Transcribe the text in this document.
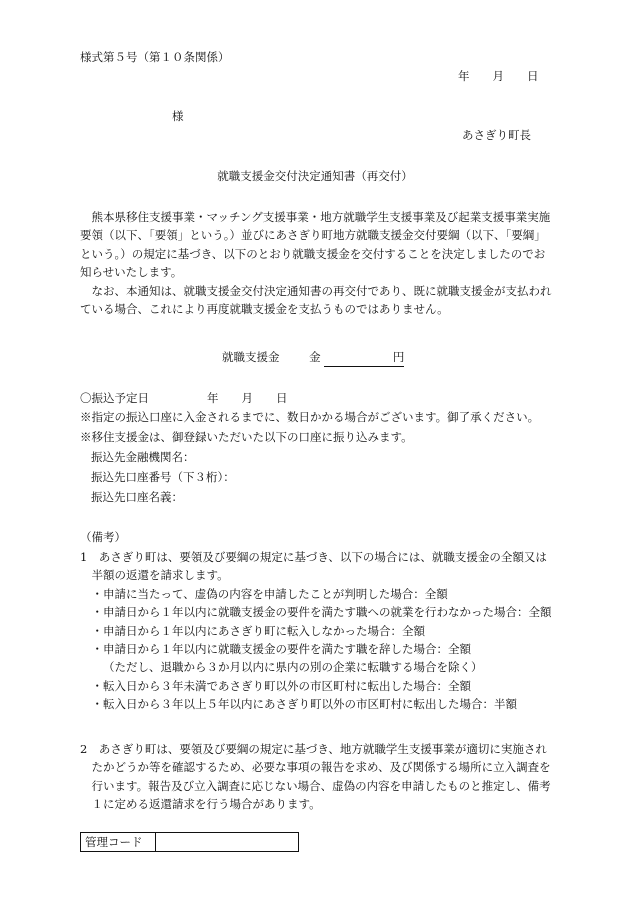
様式第５号（第１０条関係）
年　　月　　日
様
あさぎり町長
就職支援金交付決定通知書（再交付）

熊本県移住支援事業・マッチング支援事業・地方就職学生支援事業及び起業支援事業実施要領（以下、「要領」という。）並びにあさぎり町地方就職支援金交付要綱（以下、「要綱」という。）の規定に基づき、以下のとおり就職支援金を交付することを決定しましたのでお知らせいたします。

なお、本通知は、就職支援金交付決定通知書の再交付であり、既に就職支援金が支払われている場合、これにより再度就職支援金を支払うものではありません。

就職支援金	金	円
〇振込予定日	年　　月　　日
※指定の振込口座に入金されるまでに、数日かかる場合がございます。御了承ください。
※移住支援金は、御登録いただいた以下の口座に振り込みます。
振込先金融機関名：
振込先口座番号（下３桁）：
振込先口座名義：
（備考）

1　あさぎり町は、要領及び要綱の規定に基づき、以下の場合には、就職支援金の全額又は半額の返還を請求します。

・申請に当たって、虚偽の内容を申請したことが判明した場合：全額

・申請日から１年以内に就職支援金の要件を満たす職への就業を行わなかった場合：全額

・申請日から１年以内にあさぎり町に転入しなかった場合：全額

・申請日から１年以内に就職支援金の要件を満たす職を辞した場合：全額

（ただし、退職から３か月以内に県内の別の企業に転職する場合を除く）

・転入日から３年未満であさぎり町以外の市区町村に転出した場合：全額

・転入日から３年以上５年以内にあさぎり町以外の市区町村に転出した場合：半額

2　あさぎり町は、要領及び要綱の規定に基づき、地方就職学生支援事業が適切に実施されたかどうか等を確認するため、必要な事項の報告を求め、及び関係する場所に立入調査を行います。報告及び立入調査に応じない場合、虚偽の内容を申請したものと推定し、備考１に定める返還請求を行う場合があります。

管理コード	
